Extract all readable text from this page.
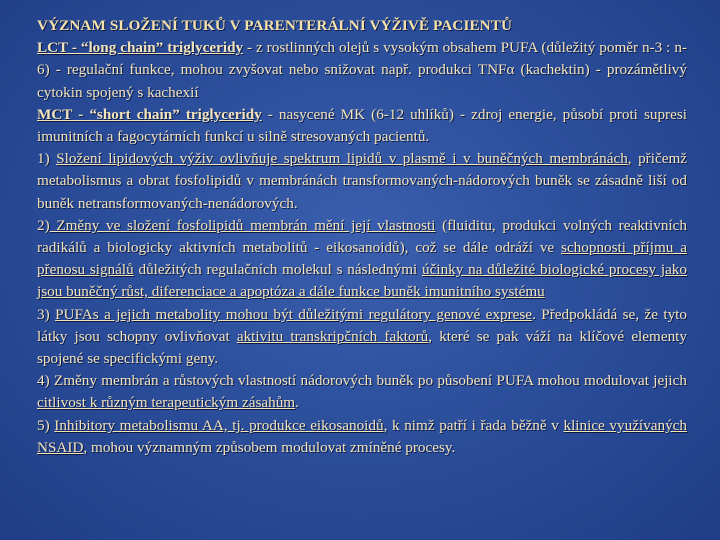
VÝZNAM SLOŽENÍ TUKŮ V PARENTERÁLNÍ VÝŽIVĚ PACIENTŮ
LCT - “long chain” triglyceridy - z rostlinných olejů s vysokým obsahem PUFA (důležitý poměr n-3 : n-6) - regulační funkce, mohou zvyšovat nebo snižovat např. produkci TNFα (kachektin) - prozámětlivý cytokin spojený s kachexií
MCT - “short chain” triglyceridy - nasycené MK (6-12 uhlíků) - zdroj energie, působí proti supresi imunitních a fagocytárních funkcí u silně stresovaných pacientů.
1) Složení lipidových výživ ovlivňuje spektrum lipidů v plasmě i v buněčných membránách, přičemž metabolismus a obrat fosfolipidů v membránách transformovaných-nádorových buněk se zásadně liší od buněk netransformovaných-nenádorových.
2) Změny ve složení fosfolipidů membrán mění její vlastnosti (fluiditu, produkci volných reaktivních radikálů a biologicky aktivních metabolitů - eikosanoidů), což se dále odráží ve schopnosti příjmu a přenosu signálů důležitých regulačních molekul s následnými účinky na důležité biologické procesy jako jsou buněčný růst, diferenciace a apoptóza a dále funkce buněk imunitního systému
3) PUFAs a jejich metabolity mohou být důležitými regulátory genové exprese. Předpokládá se, že tyto látky jsou schopny ovlivňovat aktivitu transkripčních faktorů, které se pak váží na klíčové elementy spojené se specifickými geny.
4) Změny membrán a růstových vlastností nádorových buněk po působení PUFA mohou modulovat jejich citlivost k různým terapeutickým zásahům.
5) Inhibitory metabolismu AA, tj. produkce eikosanoidů, k nimž patří i řada běžně v klinice využívaných NSAID, mohou významným způsobem modulovat zmíněné procesy.
